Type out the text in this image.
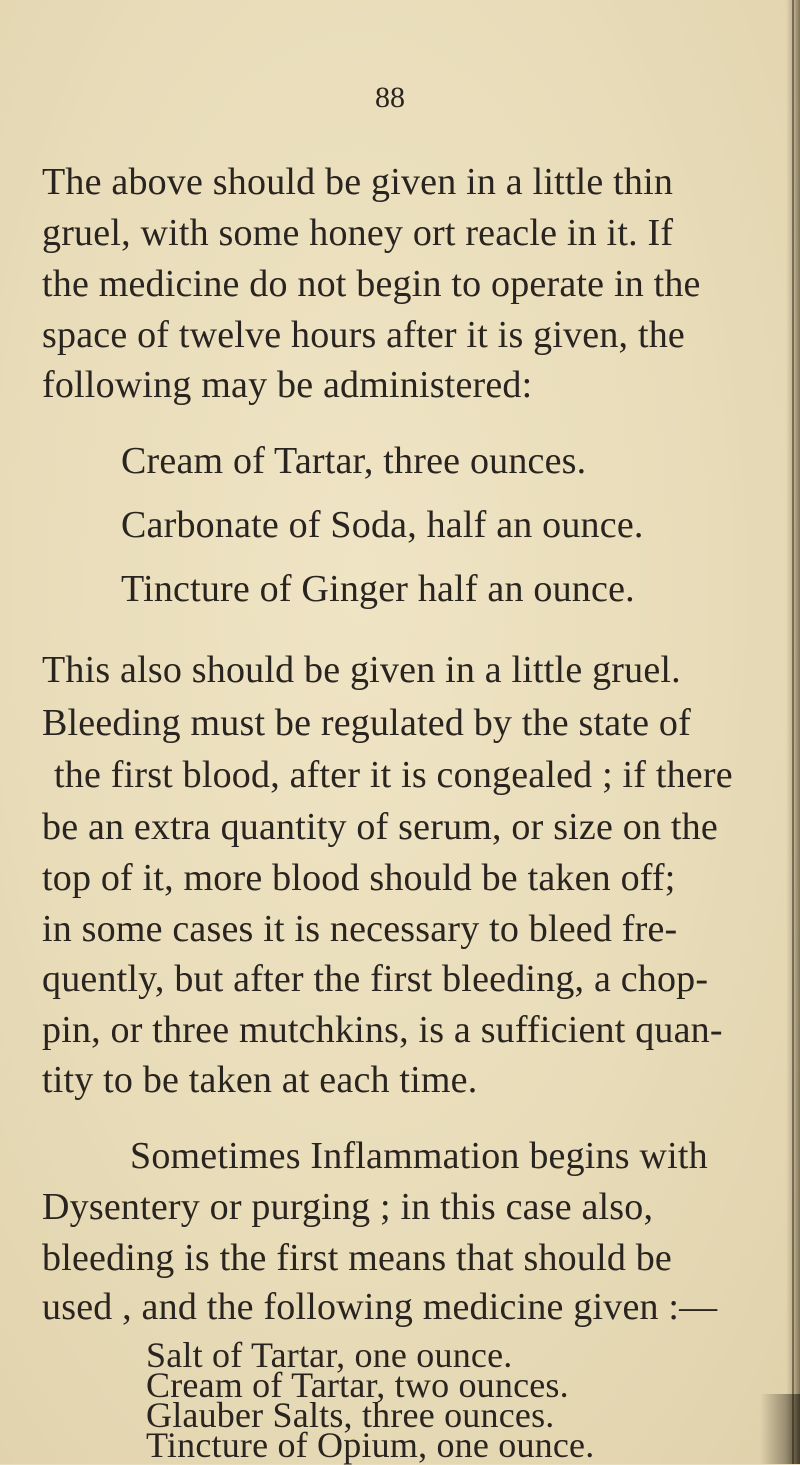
88
The above should be given in a little thin
gruel, with some honey ort reacle in it. If
the medicine do not begin to operate in the
space of twelve hours after it is given, the
following may be administered:
Cream of Tartar, three ounces.
Carbonate of Soda, half an ounce.
Tincture of Ginger half an ounce.
This also should be given in a little gruel.
Bleeding must be regulated by the state of
the first blood, after it is congealed ; if there
be an extra quantity of serum, or size on the
top of it, more blood should be taken off;
in some cases it is necessary to bleed fre-
quently, but after the first bleeding, a chop-
pin, or three mutchkins, is a sufficient quan-
tity to be taken at each time.
Sometimes Inflammation begins with
Dysentery or purging ; in this case also,
bleeding is the first means that should be
used , and the following medicine given :—
Salt of Tartar, one ounce.
Cream of Tartar, two ounces.
Glauber Salts, three ounces.
Tincture of Opium, one ounce.
